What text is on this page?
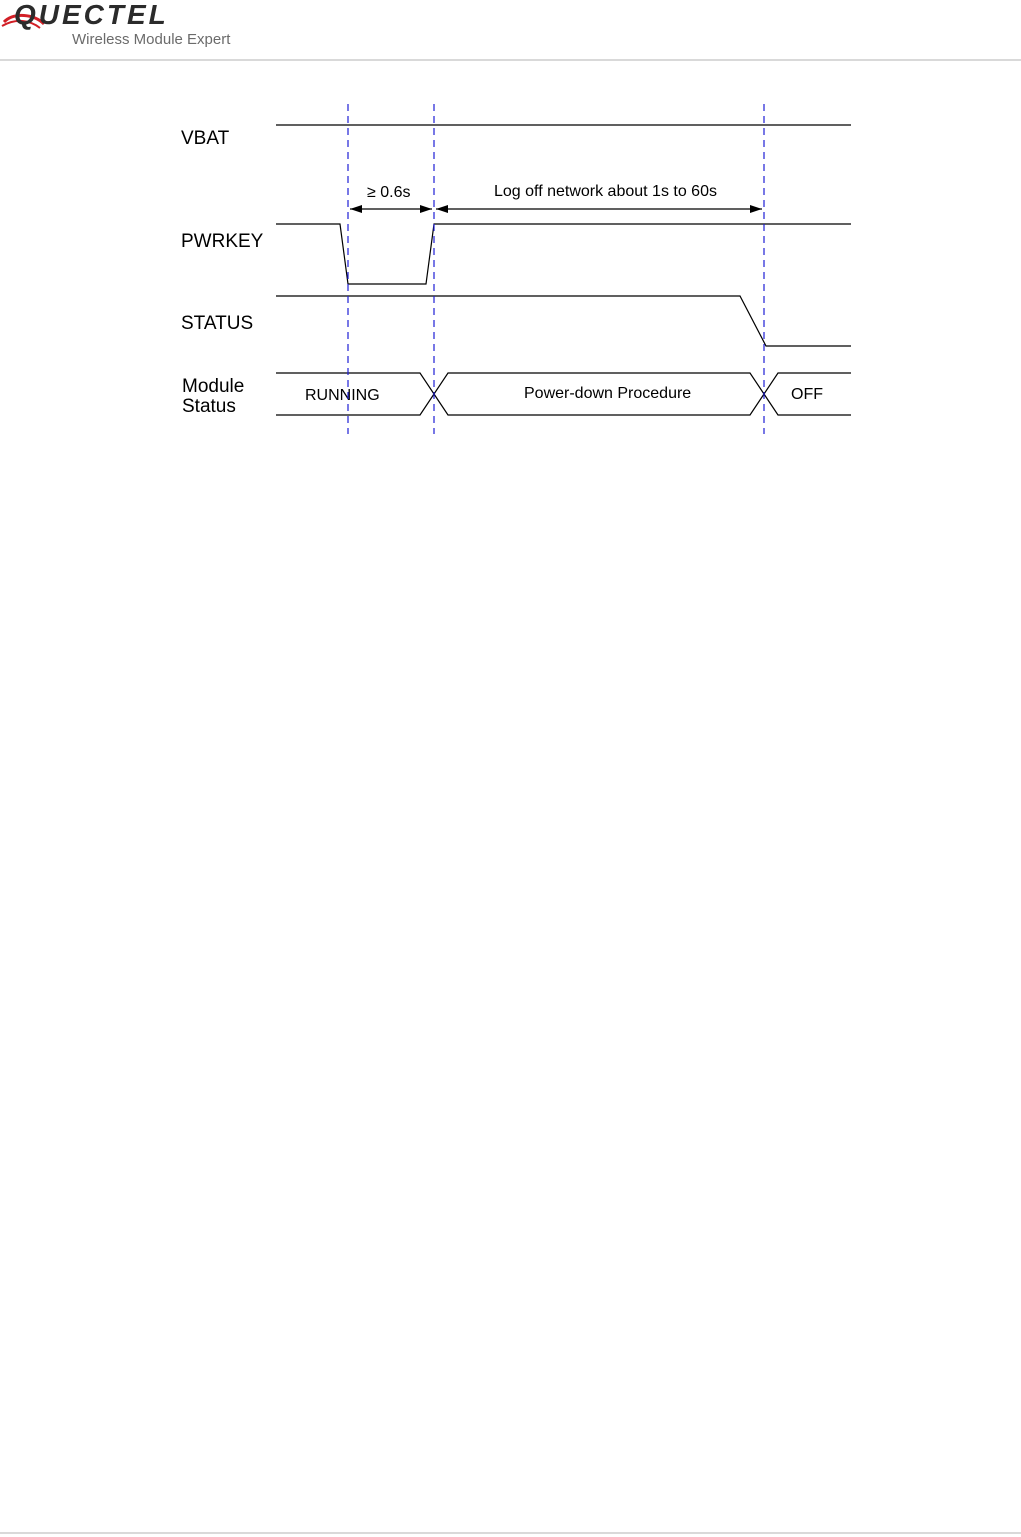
QUECTEL
Wireless Module Expert
VBAT
PWRKEY
STATUS
Module
Status
RUNNING	Power-down Procedure	OFF
≥ 0.6s	Log off network about 1s to 60s
